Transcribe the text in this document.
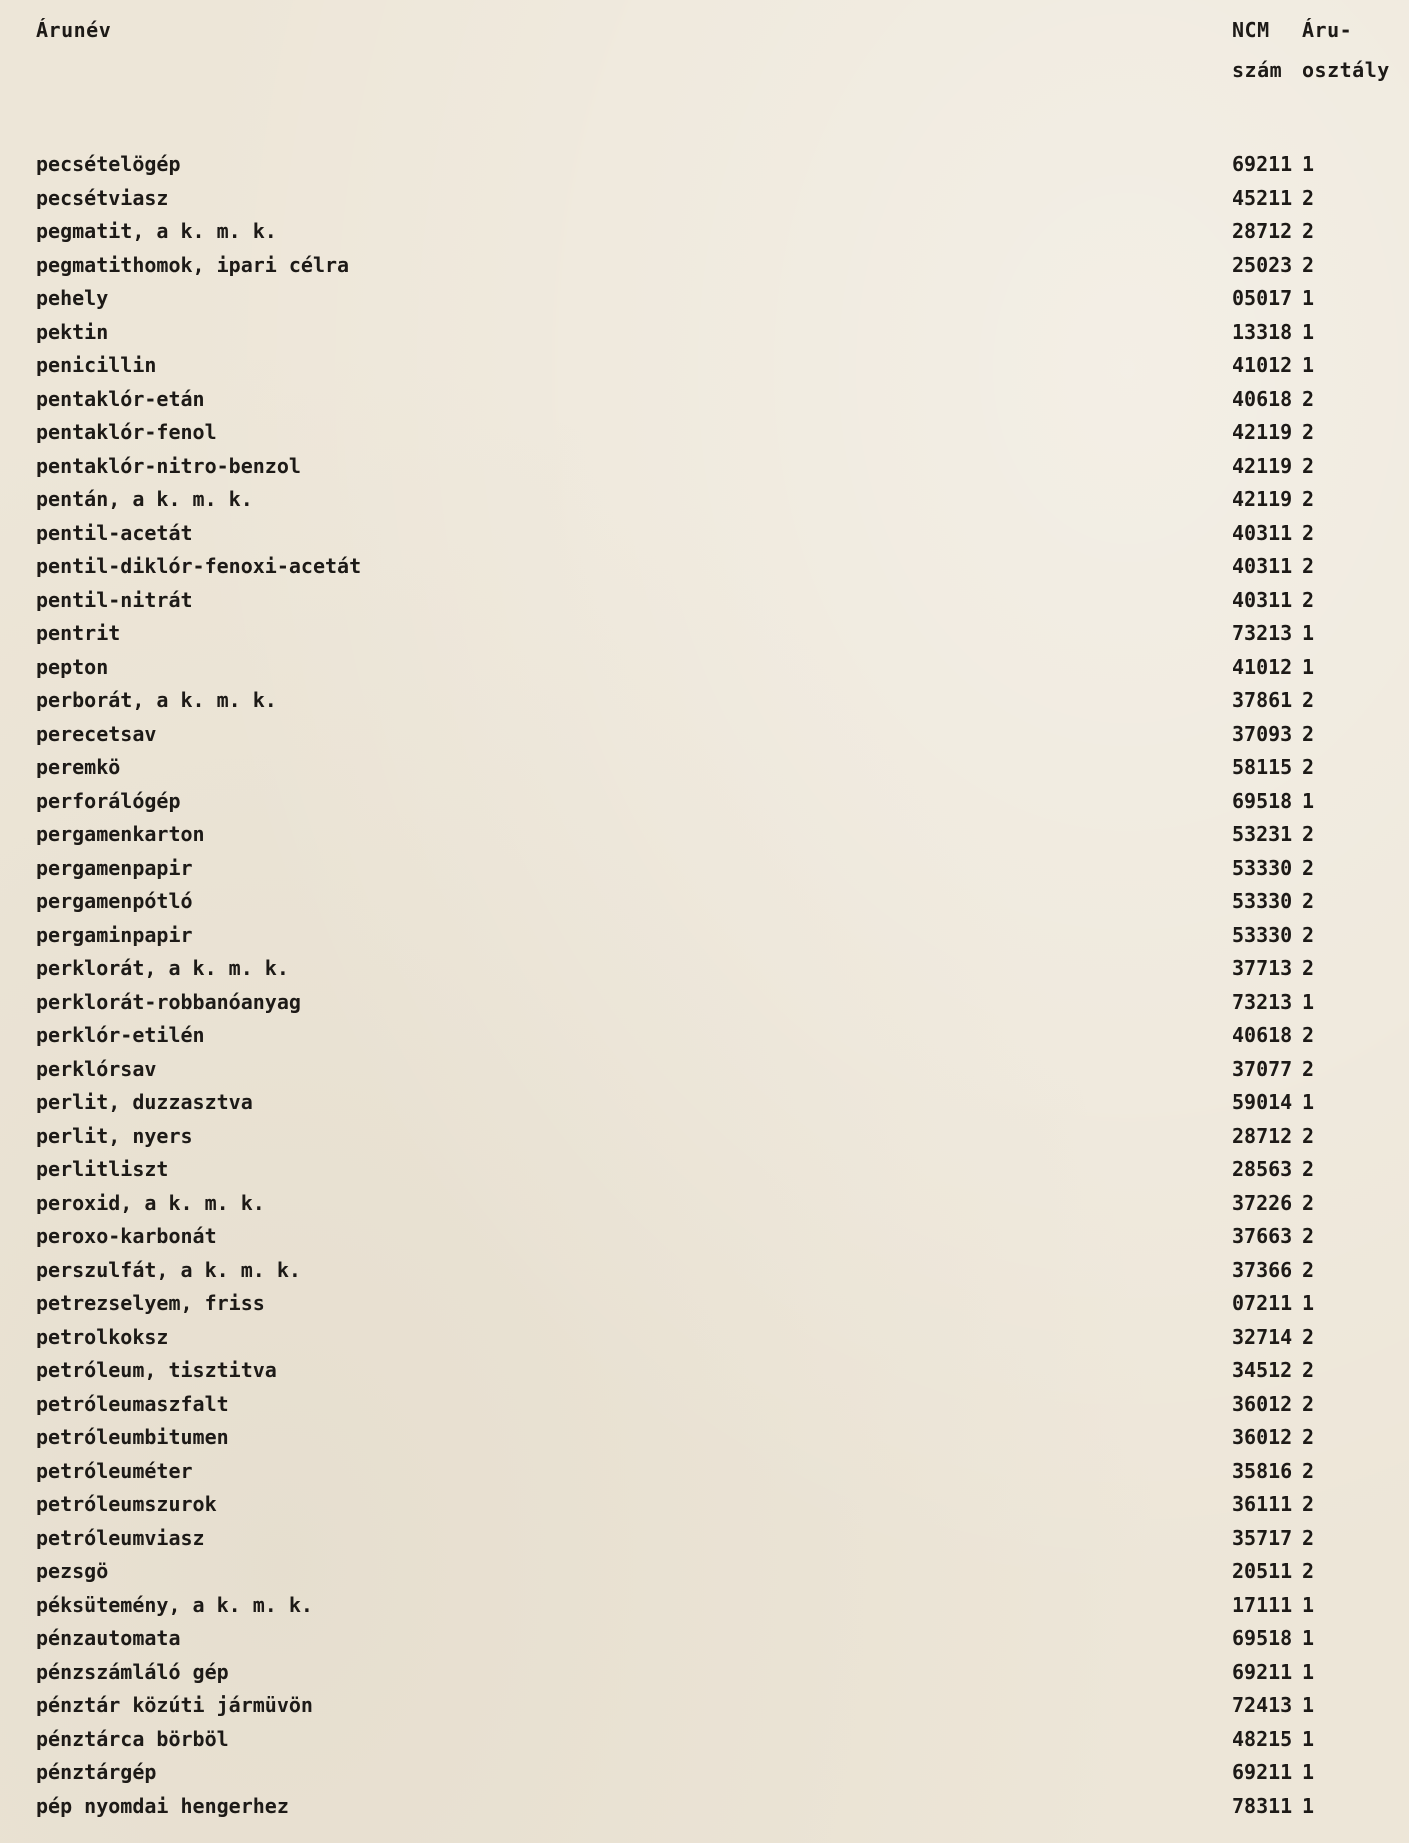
Árunév	NCM
szám
Áru-
osztály
pecsételögép	69211 1
pecsétviasz	45211 2
pegmatit, a k. m. k.	28712 2
pegmatithomok, ipari célra	25023 2
pehely	05017 1
pektin	13318 1
penicillin	41012 1
pentaklór-etán	40618 2
pentaklór-fenol	42119 2
pentaklór-nitro-benzol	42119 2
pentán, a k. m. k.	42119 2
pentil-acetát	40311 2
pentil-diklór-fenoxi-acetát	40311 2
pentil-nitrát	40311 2
pentrit	73213 1
pepton	41012 1
perborát, a k. m. k.	37861 2
perecetsav	37093 2
peremkö	58115 2
perforálógép	69518 1
pergamenkarton	53231 2
pergamenpapir	53330 2
pergamenpótló	53330 2
pergaminpapir	53330 2
perklorát, a k. m. k.	37713 2
perklorát-robbanóanyag	73213 1
perklór-etilén	40618 2
perklórsav	37077 2
perlit, duzzasztva	59014 1
perlit, nyers	28712 2
perlitliszt	28563 2
peroxid, a k. m. k.	37226 2
peroxo-karbonát	37663 2
perszulfát, a k. m. k.	37366 2
petrezselyem, friss	07211 1
petrolkoksz	32714 2
petróleum, tisztitva	34512 2
petróleumaszfalt	36012 2
petróleumbitumen	36012 2
petróleuméter	35816 2
petróleumszurok	36111 2
petróleumviasz	35717 2
pezsgö	20511 2
péksütemény, a k. m. k.	17111 1
pénzautomata	69518 1
pénzszámláló gép	69211 1
pénztár közúti jármüvön	72413 1
pénztárca börböl	48215 1
pénztárgép	69211 1
pép nyomdai hengerhez	78311 1
